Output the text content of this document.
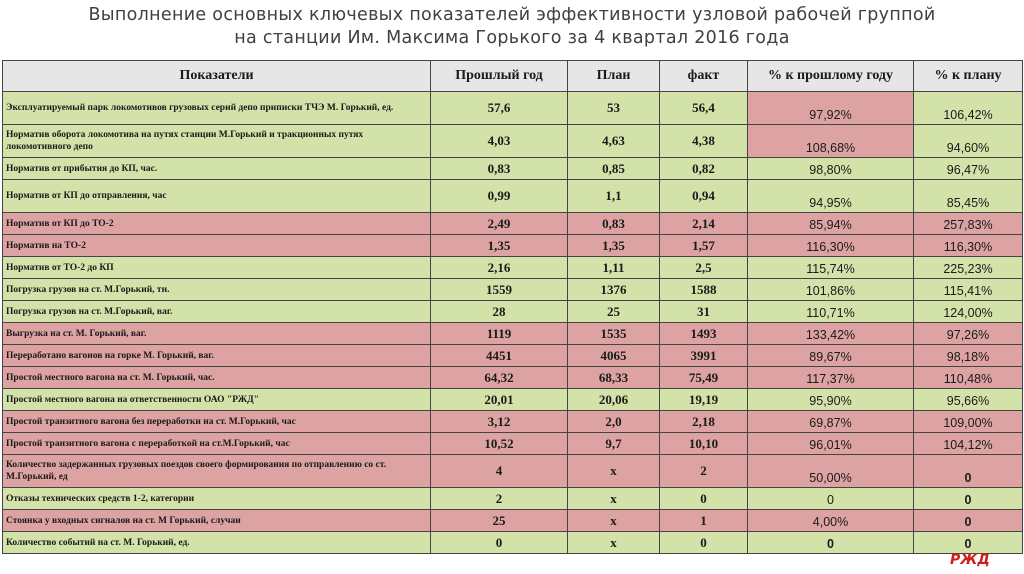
Выполнение основных ключевых показателей эффективности узловой рабочей группой
на станции Им. Максима Горького за 4 квартал 2016 года
Показатели	Прошлый год	План	факт	% к прошлому году	% к плану
Эксплуатируемый парк локомотивов грузовых серий депо приписки ТЧЭ М. Горький, ед.	57,6	53	56,4	97,92%	106,42%
Норматив оборота локомотива на путях станции М.Горький и тракционных путях локомотивного депо	4,03	4,63	4,38	108,68%	94,60%
Норматив от прибытия до КП, час.	0,83	0,85	0,82	98,80%	96,47%
Норматив от КП до отправления, час	0,99	1,1	0,94	94,95%	85,45%
Норматив от КП до ТО-2	2,49	0,83	2,14	85,94%	257,83%
Норматив на ТО-2	1,35	1,35	1,57	116,30%	116,30%
Норматив от ТО-2 до КП	2,16	1,11	2,5	115,74%	225,23%
Погрузка грузов на ст. М.Горький, тн.	1559	1376	1588	101,86%	115,41%
Погрузка грузов на ст. М.Горький, ваг.	28	25	31	110,71%	124,00%
Выгрузка на ст. М. Горький, ваг.	1119	1535	1493	133,42%	97,26%
Переработано вагонов на горке М. Горький, ваг.	4451	4065	3991	89,67%	98,18%
Простой местного вагона на ст. М. Горький, час.	64,32	68,33	75,49	117,37%	110,48%
Простой местного вагона на ответственности ОАО "РЖД"	20,01	20,06	19,19	95,90%	95,66%
Простой транзитного вагона без переработки на ст. М.Горький, час	3,12	2,0	2,18	69,87%	109,00%
Простой транзитного вагона с переработкой на ст.М.Горький, час	10,52	9,7	10,10	96,01%	104,12%
Количество задержанных грузовых поездов своего формирования по отправлению со ст. М.Горький, ед	4	х	2	50,00%	0
Отказы технических средств 1-2, категории	2	х	0	0	0
Стоянка у входных сигналов на ст. М Горький, случаи	25	х	1	4,00%	0
Количество событий на ст. М. Горький, ед.	0	х	0	0	0
РЖД
